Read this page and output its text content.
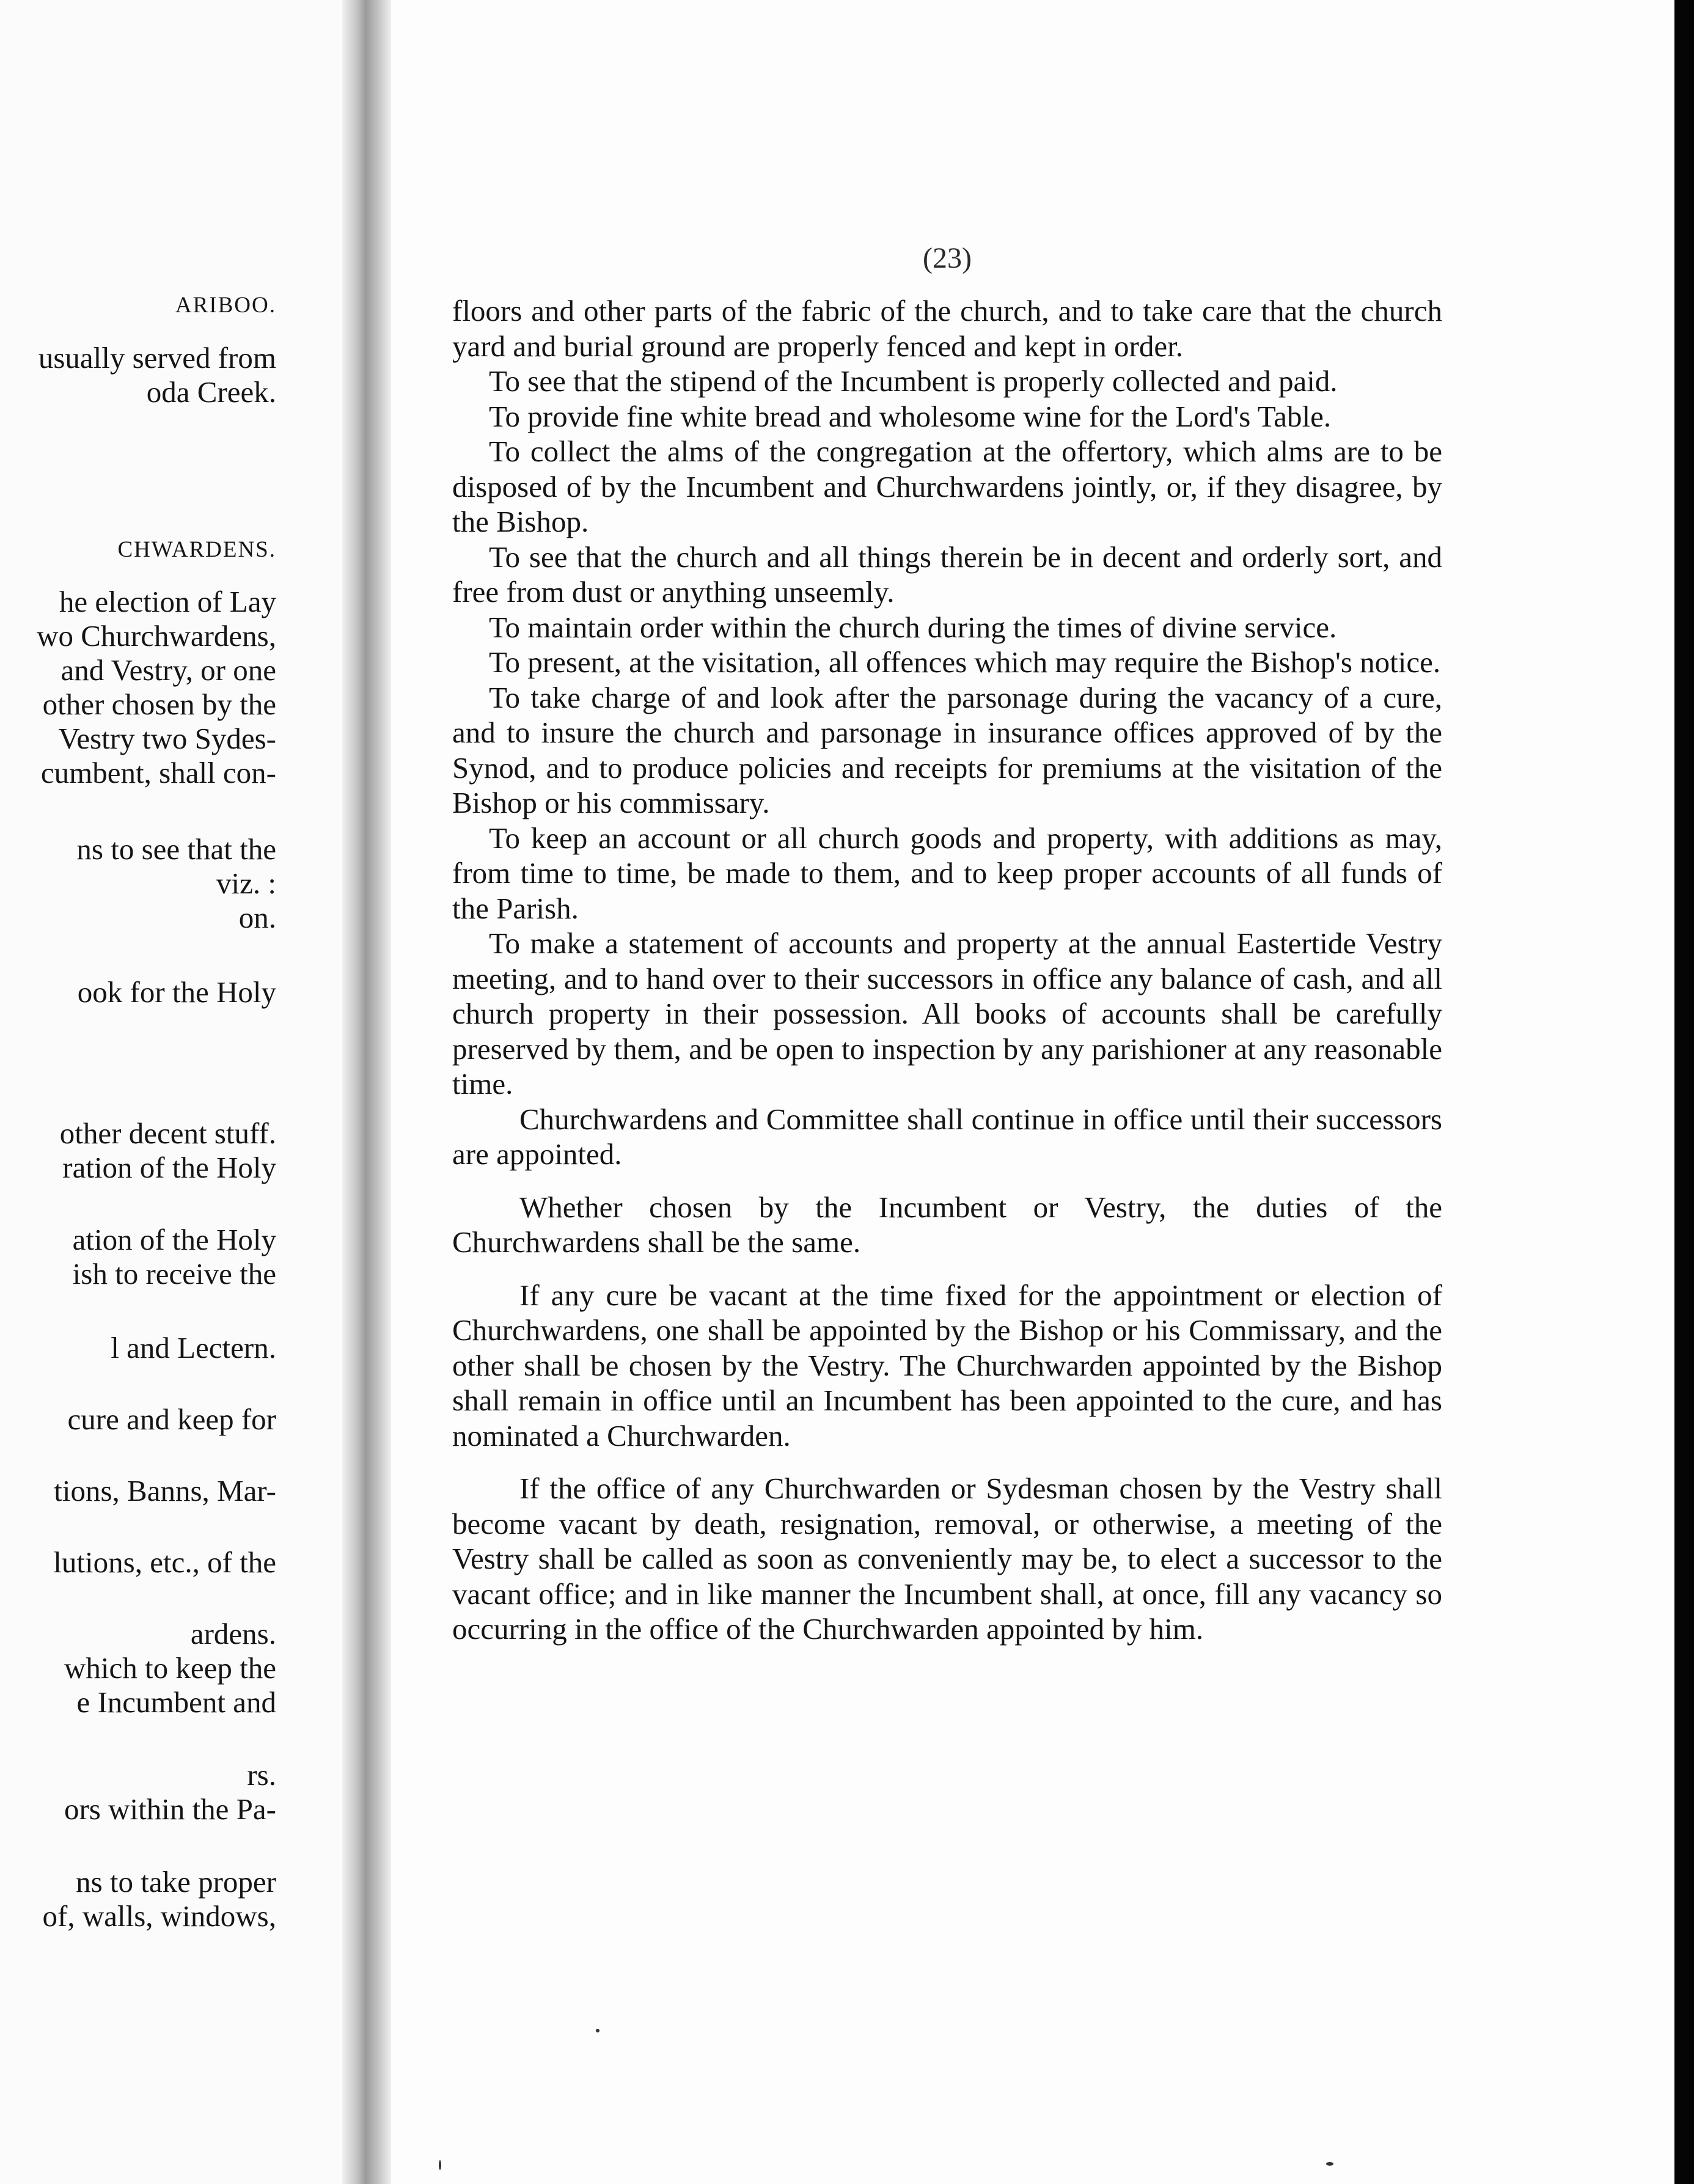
ARIBOO.
usually served from
oda Creek.
CHWARDENS.
he election of Lay
wo Churchwardens,
and Vestry, or one
other chosen by the
Vestry two Sydes-
cumbent, shall con-
ns to see that the
viz. :
on.
ook for the Holy
other decent stuff.
ration of the Holy
ation of the Holy
ish to receive the
l and Lectern.
cure and keep for
tions, Banns, Mar-
lutions, etc., of the
ardens.
which to keep the
e Incumbent and
rs.
ors within the Pa-
ns to take proper
of, walls, windows,
(23)
floors and other parts of the fabric of the church, and to take care that the church yard and burial ground are properly fenced and kept in order.
To see that the stipend of the Incumbent is properly collected and paid.
To provide fine white bread and wholesome wine for the Lord's Table.
To collect the alms of the congregation at the offertory, which alms are to be disposed of by the Incumbent and Churchwardens jointly, or, if they disagree, by the Bishop.
To see that the church and all things therein be in decent and orderly sort, and free from dust or anything unseemly.
To maintain order within the church during the times of divine service.
To present, at the visitation, all offences which may require the Bishop's notice.
To take charge of and look after the parsonage during the vacancy of a cure, and to insure the church and parsonage in insurance offices approved of by the Synod, and to produce policies and receipts for premiums at the visitation of the Bishop or his commissary.
To keep an account or all church goods and property, with additions as may, from time to time, be made to them, and to keep proper accounts of all funds of the Parish.
To make a statement of accounts and property at the annual Eastertide Vestry meeting, and to hand over to their successors in office any balance of cash, and all church property in their possession. All books of accounts shall be carefully preserved by them, and be open to inspection by any parishioner at any reasonable time.
Churchwardens and Committee shall continue in office until their successors are appointed.
Whether chosen by the Incumbent or Vestry, the duties of the Churchwardens shall be the same.
If any cure be vacant at the time fixed for the appointment or election of Churchwardens, one shall be appointed by the Bishop or his Commissary, and the other shall be chosen by the Vestry. The Churchwarden appointed by the Bishop shall remain in office until an Incumbent has been appointed to the cure, and has nominated a Churchwarden.
If the office of any Churchwarden or Sydesman chosen by the Vestry shall become vacant by death, resignation, removal, or otherwise, a meeting of the Vestry shall be called as soon as conveniently may be, to elect a successor to the vacant office; and in like manner the Incumbent shall, at once, fill any vacancy so occurring in the office of the Churchwarden appointed by him.
